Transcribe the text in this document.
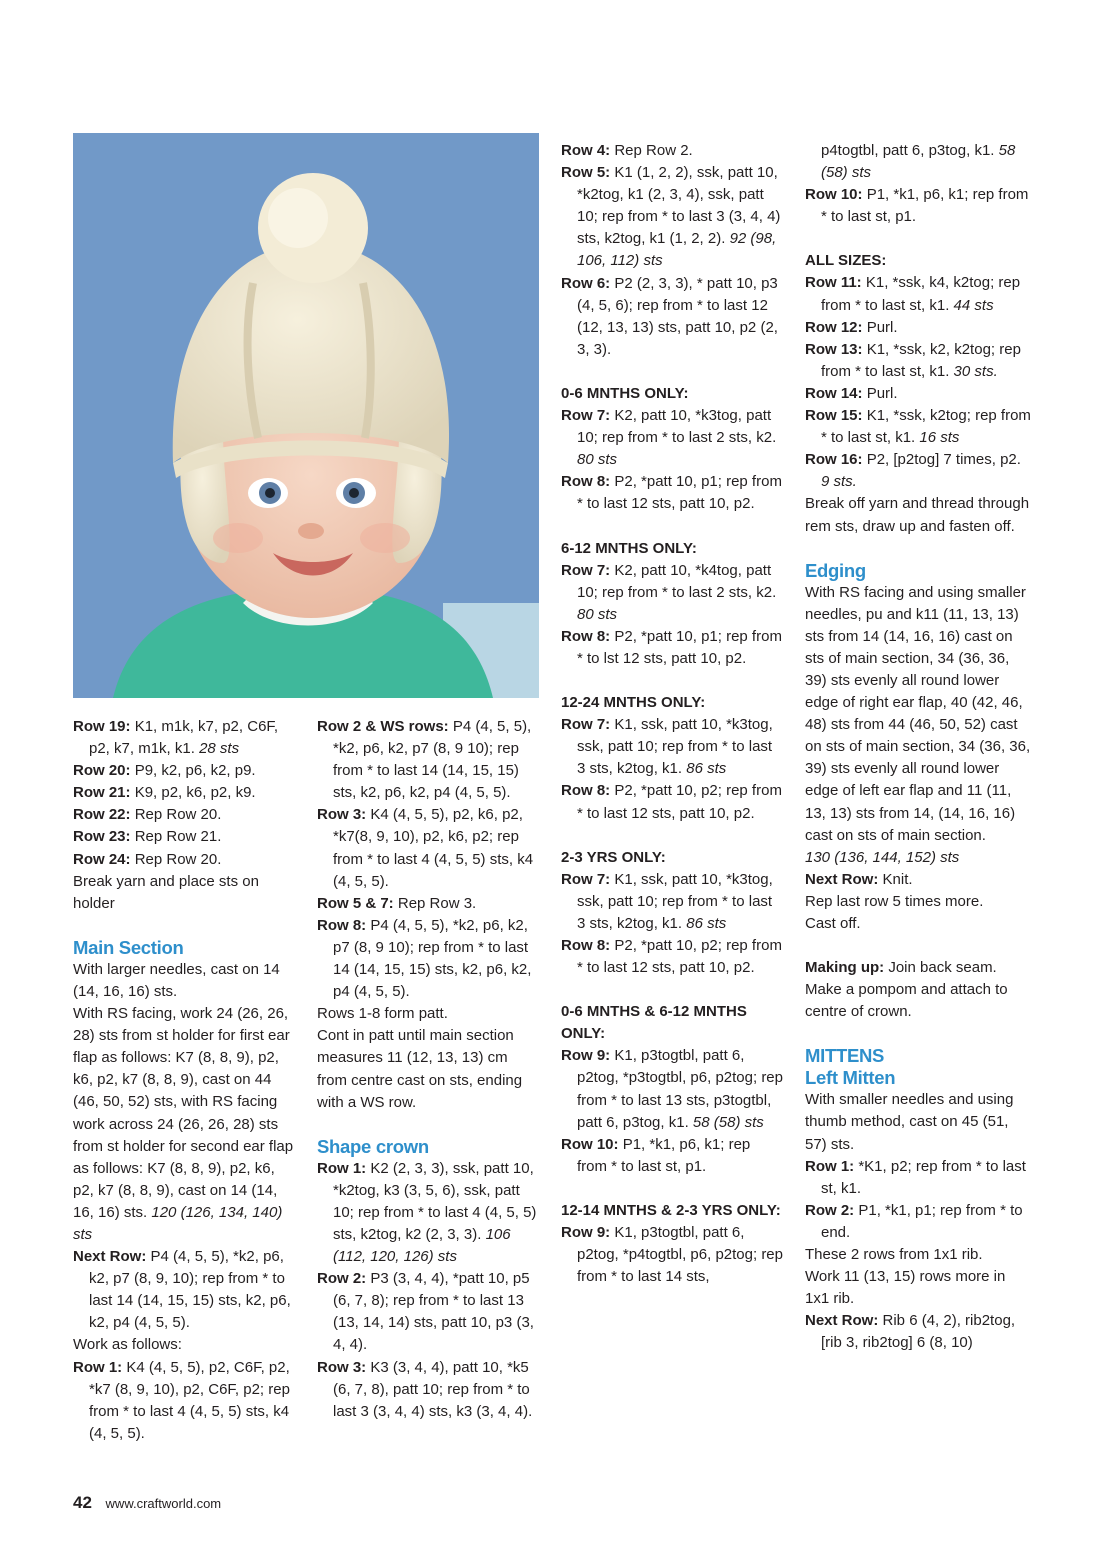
Row 19: K1, m1k, k7, p2, C6F, p2, k7, m1k, k1. 28 sts
Row 20: P9, k2, p6, k2, p9.
Row 21: K9, p2, k6, p2, k9.
Row 22: Rep Row 20.
Row 23: Rep Row 21.
Row 24: Rep Row 20.
Break yarn and place sts on holder
Main Section
With larger needles, cast on 14 (14, 16, 16) sts.
With RS facing, work 24 (26, 26, 28) sts from st holder for first ear flap as follows: K7 (8, 8, 9), p2, k6, p2, k7 (8, 8, 9), cast on 44 (46, 50, 52) sts, with RS facing work across 24 (26, 26, 28) sts from st holder for second ear flap as follows: K7 (8, 8, 9), p2, k6, p2, k7 (8, 8, 9), cast on 14 (14, 16, 16) sts. 120 (126, 134, 140) sts
Next Row: P4 (4, 5, 5), *k2, p6, k2, p7 (8, 9, 10); rep from * to last 14 (14, 15, 15) sts, k2, p6, k2, p4 (4, 5, 5).
Work as follows:
Row 1: K4 (4, 5, 5), p2, C6F, p2, *k7 (8, 9, 10), p2, C6F, p2; rep from * to last 4 (4, 5, 5) sts, k4 (4, 5, 5).
Row 2 & WS rows: P4 (4, 5, 5), *k2, p6, k2, p7 (8, 9 10); rep from * to last 14 (14, 15, 15) sts, k2, p6, k2, p4 (4, 5, 5).
Row 3: K4 (4, 5, 5), p2, k6, p2, *k7(8, 9, 10), p2, k6, p2; rep from * to last 4 (4, 5, 5) sts, k4 (4, 5, 5).
Row 5 & 7: Rep Row 3.
Row 8: P4 (4, 5, 5), *k2, p6, k2, p7 (8, 9 10); rep from * to last 14 (14, 15, 15) sts, k2, p6, k2, p4 (4, 5, 5).
Rows 1-8 form patt.
Cont in patt until main section measures 11 (12, 13, 13) cm from centre cast on sts, ending with a WS row.
Shape crown
Row 1: K2 (2, 3, 3), ssk, patt 10, *k2tog, k3 (3, 5, 6), ssk, patt 10; rep from * to last 4 (4, 5, 5) sts, k2tog, k2 (2, 3, 3). 106 (112, 120, 126) sts
Row 2: P3 (3, 4, 4), *patt 10, p5 (6, 7, 8); rep from * to last 13 (13, 14, 14) sts, patt 10, p3 (3, 4, 4).
Row 3: K3 (3, 4, 4), patt 10, *k5 (6, 7, 8), patt 10; rep from * to last 3 (3, 4, 4) sts, k3 (3, 4, 4).
Row 4: Rep Row 2.
Row 5: K1 (1, 2, 2), ssk, patt 10, *k2tog, k1 (2, 3, 4), ssk, patt 10; rep from * to last 3 (3, 4, 4) sts, k2tog, k1 (1, 2, 2). 92 (98, 106, 112) sts
Row 6: P2 (2, 3, 3), * patt 10, p3 (4, 5, 6); rep from * to last 12 (12, 13, 13) sts, patt 10, p2 (2, 3, 3).
0-6 MNTHS ONLY:
Row 7: K2, patt 10, *k3tog, patt 10; rep from * to last 2 sts, k2. 80 sts
Row 8: P2, *patt 10, p1; rep from * to last 12 sts, patt 10, p2.
6-12 MNTHS ONLY:
Row 7: K2, patt 10, *k4tog, patt 10; rep from * to last 2 sts, k2. 80 sts
Row 8: P2, *patt 10, p1; rep from * to lst 12 sts, patt 10, p2.
12-24 MNTHS ONLY:
Row 7: K1, ssk, patt 10, *k3tog, ssk, patt 10; rep from * to last 3 sts, k2tog, k1. 86 sts
Row 8: P2, *patt 10, p2; rep from * to last 12 sts, patt 10, p2.
2-3 YRS ONLY:
Row 7: K1, ssk, patt 10, *k3tog, ssk, patt 10; rep from * to last 3 sts, k2tog, k1. 86 sts
Row 8: P2, *patt 10, p2; rep from * to last 12 sts, patt 10, p2.
0-6 MNTHS & 6-12 MNTHS ONLY:
Row 9: K1, p3togtbl, patt 6, p2tog, *p3togtbl, p6, p2tog; rep from * to last 13 sts, p3togtbl, patt 6, p3tog, k1. 58 (58) sts
Row 10: P1, *k1, p6, k1; rep from * to last st, p1.
12-14 MNTHS & 2-3 YRS ONLY:
Row 9: K1, p3togtbl, patt 6, p2tog, *p4togtbl, p6, p2tog; rep from * to last 14 sts,
p4togtbl, patt 6, p3tog, k1. 58 (58) sts
Row 10: P1, *k1, p6, k1; rep from * to last st, p1.
ALL SIZES:
Row 11: K1, *ssk, k4, k2tog; rep from * to last st, k1. 44 sts
Row 12: Purl.
Row 13: K1, *ssk, k2, k2tog; rep from * to last st, k1. 30 sts.
Row 14: Purl.
Row 15: K1, *ssk, k2tog; rep from * to last st, k1. 16 sts
Row 16: P2, [p2tog] 7 times, p2. 9 sts.
Break off yarn and thread through rem sts, draw up and fasten off.
Edging
With RS facing and using smaller needles, pu and k11 (11, 13, 13) sts from 14 (14, 16, 16) cast on sts of main section, 34 (36, 36, 39) sts evenly all round lower edge of right ear flap, 40 (42, 46, 48) sts from 44 (46, 50, 52) cast on sts of main section, 34 (36, 36, 39) sts evenly all round lower edge of left ear flap and 11 (11, 13, 13) sts from 14, (14, 16, 16) cast on sts of main section.
130 (136, 144, 152) sts
Next Row: Knit.
Rep last row 5 times more.
Cast off.
Making up: Join back seam. Make a pompom and attach to centre of crown.
MITTENS
Left Mitten
With smaller needles and using thumb method, cast on 45 (51, 57) sts.
Row 1: *K1, p2; rep from * to last st, k1.
Row 2: P1, *k1, p1; rep from * to end.
These 2 rows from 1x1 rib.
Work 11 (13, 15) rows more in 1x1 rib.
Next Row: Rib 6 (4, 2), rib2tog, [rib 3, rib2tog] 6 (8, 10)
42 www.craftworld.com
